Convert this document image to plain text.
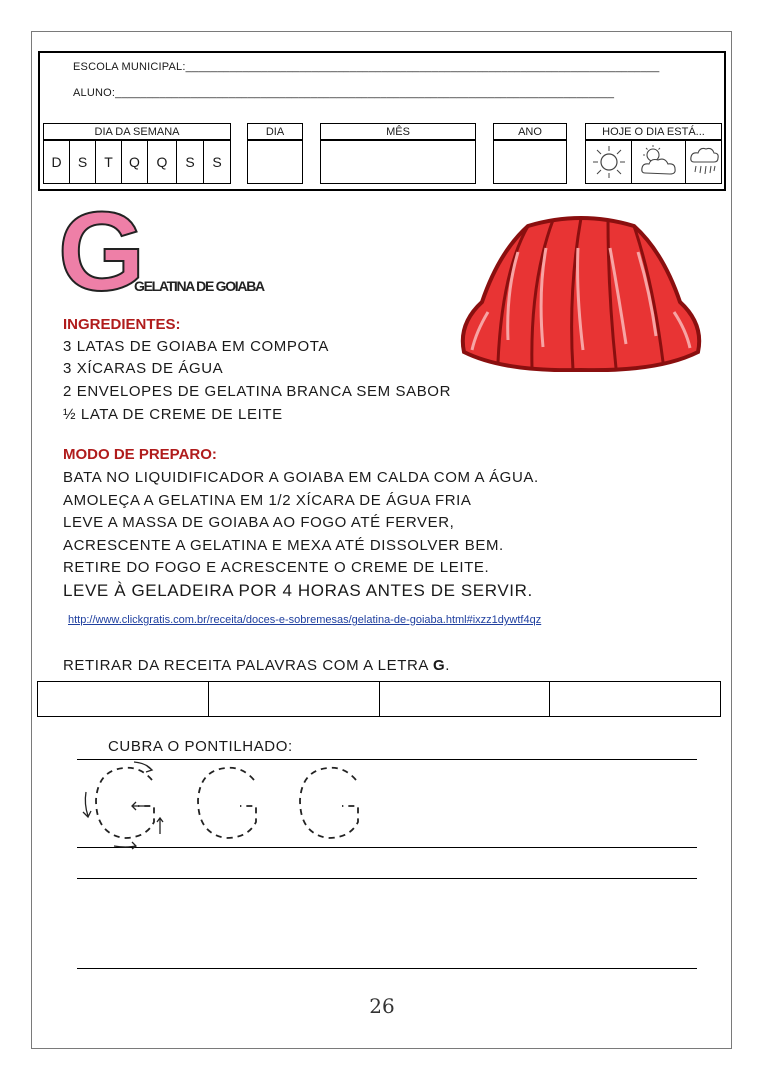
ESCOLA MUNICIPAL:___________________________________________________________________________
ALUNO:_______________________________________________________________________________
DIA DA SEMANA	DIA	MÊS	ANO	HOJE O DIA ESTÁ...
D	S	T	Q	Q	S	S
G
GELATINA DE GOIABA
INGREDIENTES:
3 LATAS DE GOIABA EM COMPOTA
3 XÍCARAS DE ÁGUA
2 ENVELOPES DE GELATINA BRANCA SEM SABOR
½ LATA DE CREME DE LEITE
MODO DE PREPARO:
BATA NO LIQUIDIFICADOR A GOIABA EM CALDA COM A ÁGUA.
AMOLEÇA A GELATINA EM 1/2 XÍCARA DE ÁGUA FRIA
LEVE A MASSA DE GOIABA AO FOGO ATÉ FERVER,
ACRESCENTE A GELATINA E MEXA ATÉ DISSOLVER BEM.
RETIRE DO FOGO E ACRESCENTE O CREME DE LEITE.
LEVE À GELADEIRA POR 4 HORAS ANTES DE SERVIR.
http://www.clickgratis.com.br/receita/doces-e-sobremesas/gelatina-de-goiaba.html#ixzz1dywtf4qz
RETIRAR DA RECEITA PALAVRAS COM A LETRA G.
CUBRA O PONTILHADO:
26
